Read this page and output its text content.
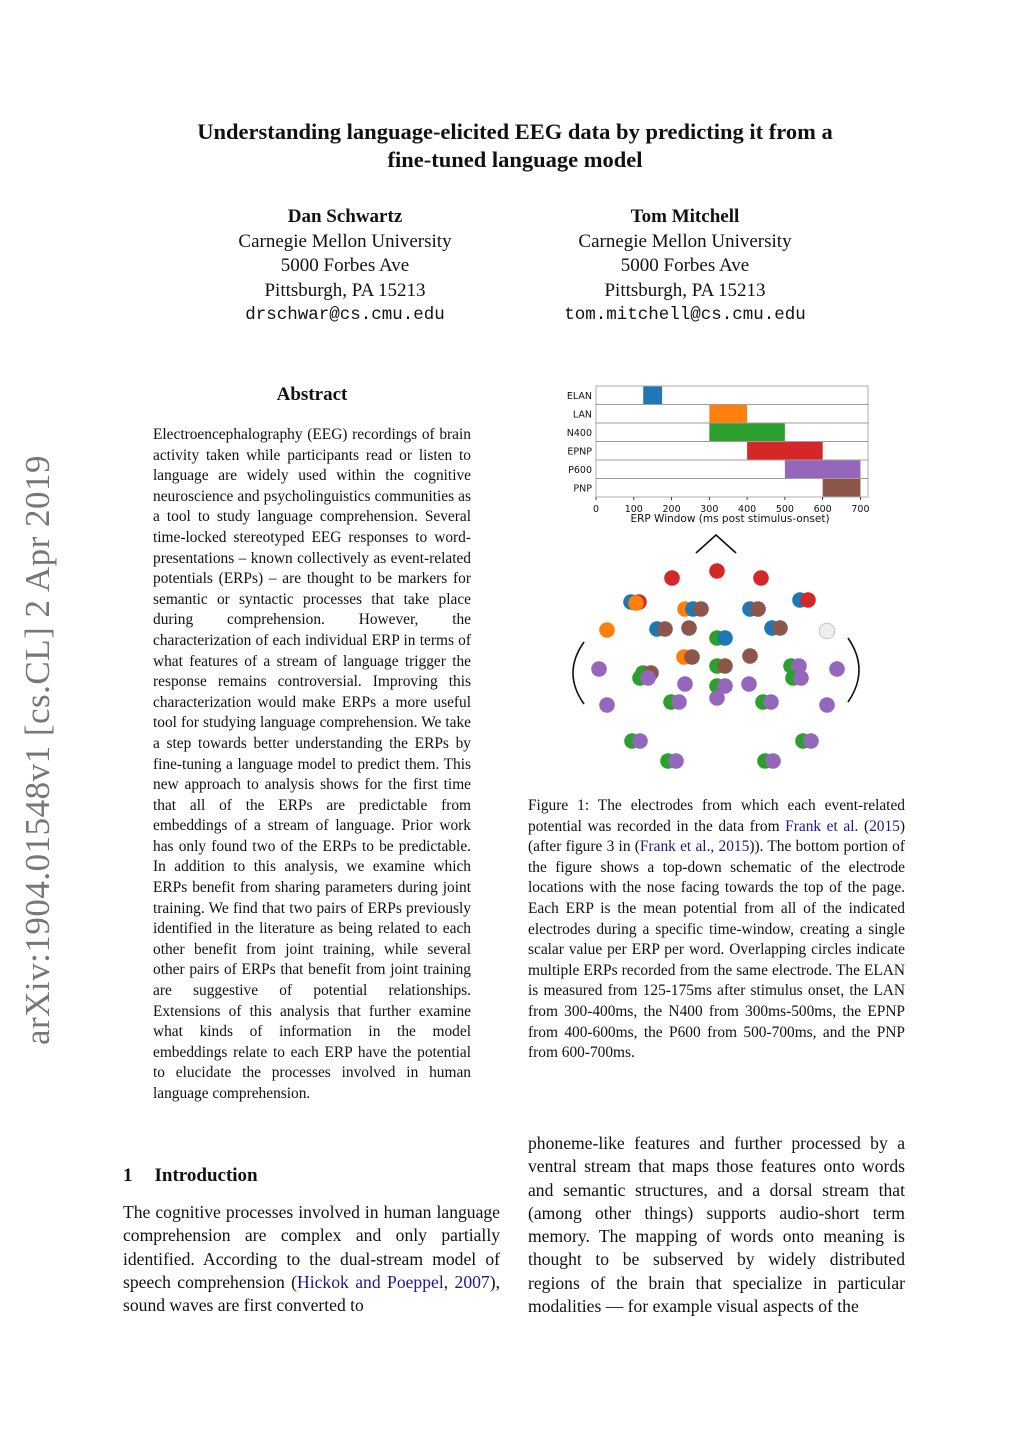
arXiv:1904.01548v1 [cs.CL] 2 Apr 2019
Understanding language-elicited EEG data by predicting it from a
fine-tuned language model
Dan Schwartz
Carnegie Mellon University
5000 Forbes Ave
Pittsburgh, PA 15213
drschwar@cs.cmu.edu
Tom Mitchell
Carnegie Mellon University
5000 Forbes Ave
Pittsburgh, PA 15213
tom.mitchell@cs.cmu.edu
Abstract
Electroencephalography (EEG) recordings of brain activity taken while participants read or listen to language are widely used within the cognitive neuroscience and psycholinguistics communities as a tool to study language comprehension. Several time-locked stereotyped EEG responses to word-presentations – known collectively as event-related potentials (ERPs) – are thought to be markers for semantic or syntactic processes that take place during comprehension. However, the characterization of each individual ERP in terms of what features of a stream of language trigger the response remains controversial. Improving this characterization would make ERPs a more useful tool for studying language comprehension. We take a step towards better understanding the ERPs by fine-tuning a language model to predict them. This new approach to analysis shows for the first time that all of the ERPs are predictable from embeddings of a stream of language. Prior work has only found two of the ERPs to be predictable. In addition to this analysis, we examine which ERPs benefit from sharing parameters during joint training. We find that two pairs of ERPs previously identified in the literature as being related to each other benefit from joint training, while several other pairs of ERPs that benefit from joint training are suggestive of potential relationships. Extensions of this analysis that further examine what kinds of information in the model embeddings relate to each ERP have the potential to elucidate the processes involved in human language comprehension.
1 Introduction
The cognitive processes involved in human language comprehension are complex and only partially identified. According to the dual-stream model of speech comprehension (Hickok and Poeppel, 2007), sound waves are first converted to
phoneme-like features and further processed by a ventral stream that maps those features onto words and semantic structures, and a dorsal stream that (among other things) supports audio-short term memory. The mapping of words onto meaning is thought to be subserved by widely distributed regions of the brain that specialize in particular modalities — for example visual aspects of the
Figure 1: The electrodes from which each event-related potential was recorded in the data from Frank et al. (2015) (after figure 3 in (Frank et al., 2015)). The bottom portion of the figure shows a top-down schematic of the electrode locations with the nose facing towards the top of the page. Each ERP is the mean potential from all of the indicated electrodes during a specific time-window, creating a single scalar value per ERP per word. Overlapping circles indicate multiple ERPs recorded from the same electrode. The ELAN is measured from 125-175ms after stimulus onset, the LAN from 300-400ms, the N400 from 300ms-500ms, the EPNP from 400-600ms, the P600 from 500-700ms, and the PNP from 600-700ms.
ELAN
LAN
N400
EPNP
P600
PNP
0	100 200 300 400 500 600 700
ERP Window (ms post stimulus-onset)
